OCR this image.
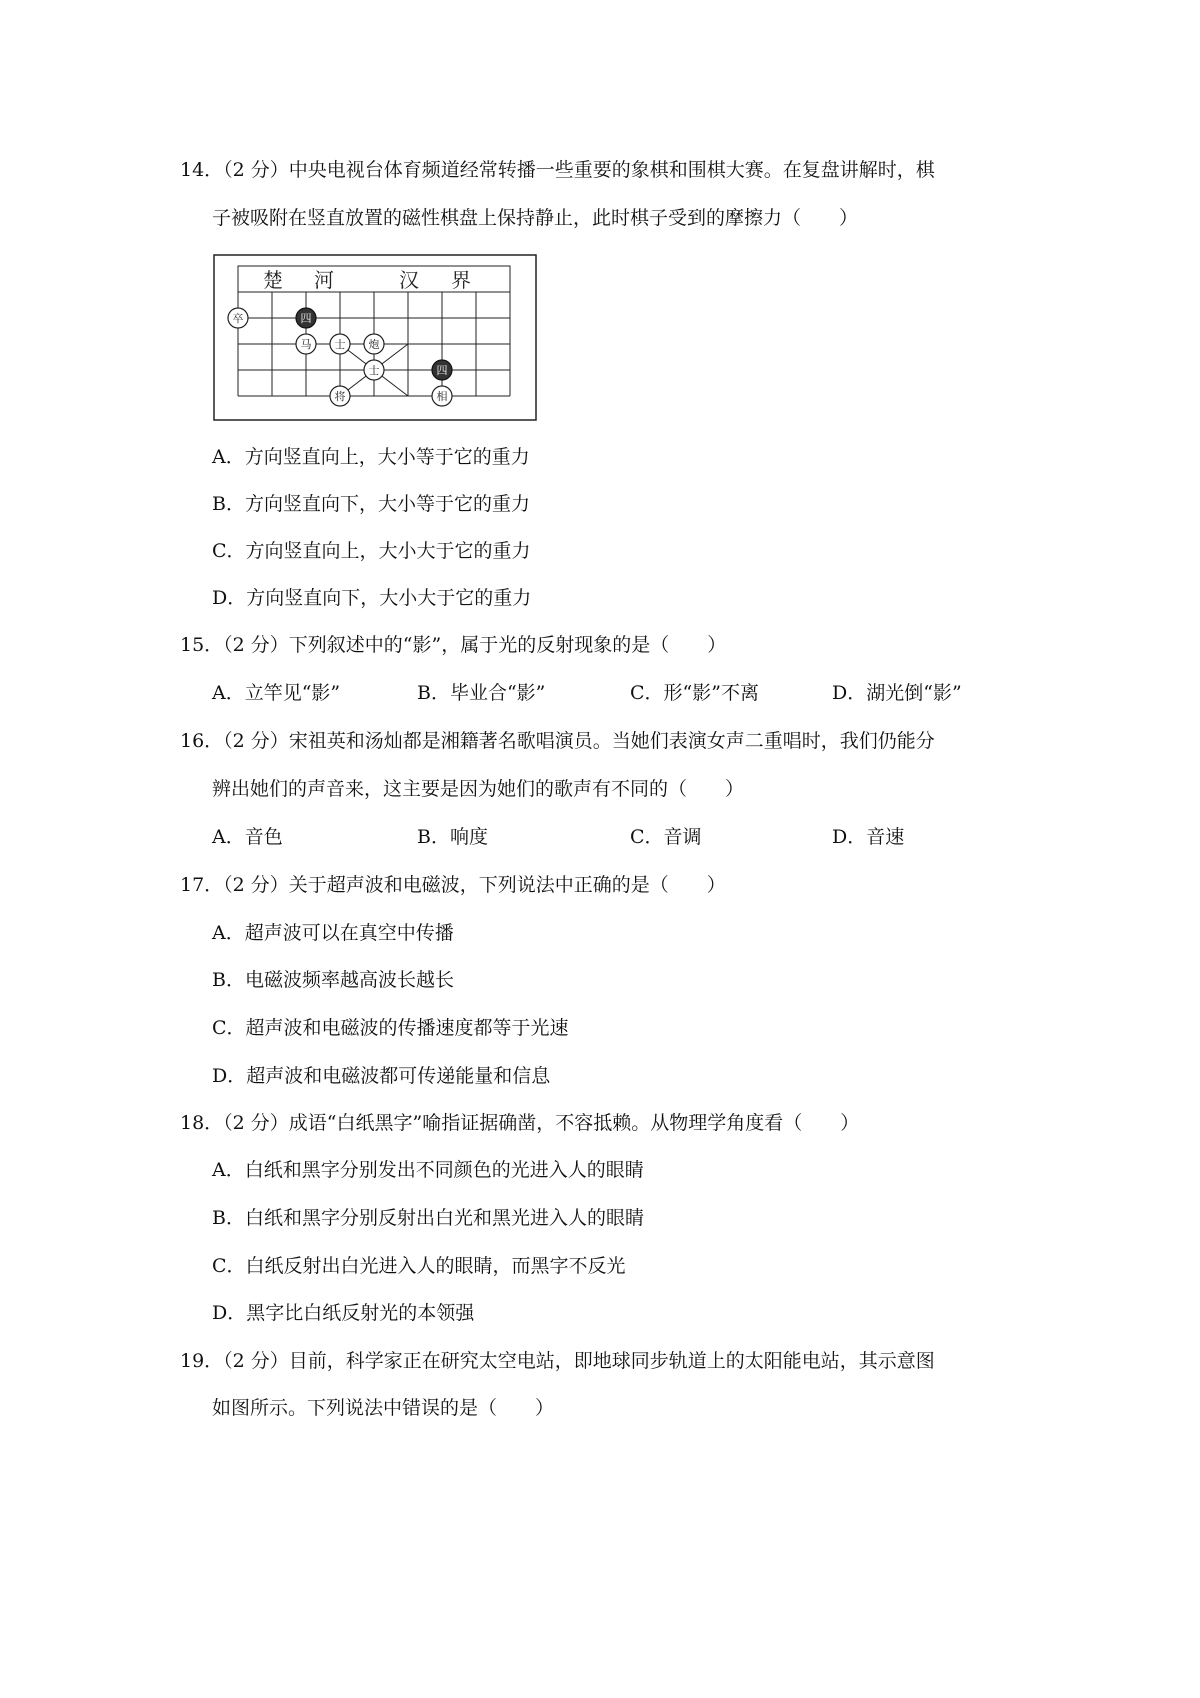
14．（2 分）中央电视台体育频道经常转播一些重要的象棋和围棋大赛。在复盘讲解时，棋
子被吸附在竖直放置的磁性棋盘上保持静止，此时棋子受到的摩擦力（　　）
楚 河	汉 界
卒	四
马 士 炮
士	四
将	相
A．方向竖直向上，大小等于它的重力
B．方向竖直向下，大小等于它的重力
C．方向竖直向上，大小大于它的重力
D．方向竖直向下，大小大于它的重力
15．（2 分）下列叙述中的“影”，属于光的反射现象的是（　　）
A．立竿见“影”	B．毕业合“影”	C．形“影”不离	D．湖光倒“影”
16．（2 分）宋祖英和汤灿都是湘籍著名歌唱演员。当她们表演女声二重唱时，我们仍能分
辨出她们的声音来，这主要是因为她们的歌声有不同的（　　）
A．音色	B．响度	C．音调	D．音速
17．（2 分）关于超声波和电磁波，下列说法中正确的是（　　）
A．超声波可以在真空中传播
B．电磁波频率越高波长越长
C．超声波和电磁波的传播速度都等于光速
D．超声波和电磁波都可传递能量和信息
18．（2 分）成语“白纸黑字”喻指证据确凿，不容抵赖。从物理学角度看（　　）
A．白纸和黑字分别发出不同颜色的光进入人的眼睛
B．白纸和黑字分别反射出白光和黑光进入人的眼睛
C．白纸反射出白光进入人的眼睛，而黑字不反光
D．黑字比白纸反射光的本领强
19．（2 分）目前，科学家正在研究太空电站，即地球同步轨道上的太阳能电站，其示意图
如图所示。下列说法中错误的是（　　）
